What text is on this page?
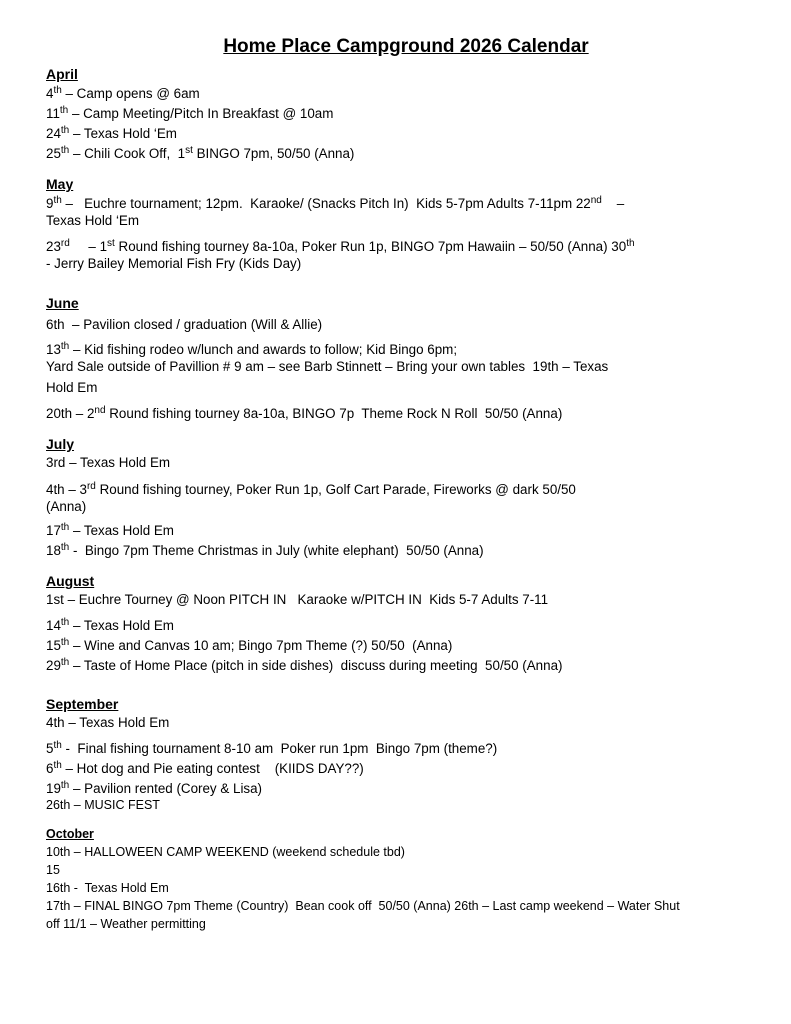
Home Place Campground 2026 Calendar
April

4th – Camp opens @ 6am

11th – Camp Meeting/Pitch In Breakfast @ 10am

24th – Texas Hold ‘Em

25th – Chili Cook Off,  1st BINGO 7pm, 50/50 (Anna)

May

9th –   Euchre tournament; 12pm.  Karaoke/ (Snacks Pitch In)  Kids 5-7pm Adults 7-11pm 22nd    –

Texas Hold ‘Em

23rd     – 1st Round fishing tourney 8a-10a, Poker Run 1p, BINGO 7pm Hawaiin – 50/50 (Anna) 30th

- Jerry Bailey Memorial Fish Fry (Kids Day)

June

6th  – Pavilion closed / graduation (Will & Allie)

13th – Kid fishing rodeo w/lunch and awards to follow; Kid Bingo 6pm;

Yard Sale outside of Pavillion # 9 am – see Barb Stinnett – Bring your own tables  19th – Texas

Hold Em

20th – 2nd Round fishing tourney 8a-10a, BINGO 7p  Theme Rock N Roll  50/50 (Anna)

July

3rd – Texas Hold Em

4th – 3rd Round fishing tourney, Poker Run 1p, Golf Cart Parade, Fireworks @ dark 50/50

(Anna)

17th – Texas Hold Em

18th -  Bingo 7pm Theme Christmas in July (white elephant)  50/50 (Anna)

August

1st – Euchre Tourney @ Noon PITCH IN   Karaoke w/PITCH IN  Kids 5-7 Adults 7-11

14th – Texas Hold Em

15th – Wine and Canvas 10 am; Bingo 7pm Theme (?) 50/50  (Anna)

29th – Taste of Home Place (pitch in side dishes)  discuss during meeting  50/50 (Anna)

September

4th – Texas Hold Em

5th -  Final fishing tournament 8-10 am  Poker run 1pm  Bingo 7pm (theme?)

6th – Hot dog and Pie eating contest    (KIIDS DAY??)

19th – Pavilion rented (Corey & Lisa)

26th – MUSIC FEST

October

10th – HALLOWEEN CAMP WEEKEND (weekend schedule tbd)

15

16th -  Texas Hold Em

17th – FINAL BINGO 7pm Theme (Country)  Bean cook off  50/50 (Anna) 26th – Last camp weekend – Water Shut

off 11/1 – Weather permitting
